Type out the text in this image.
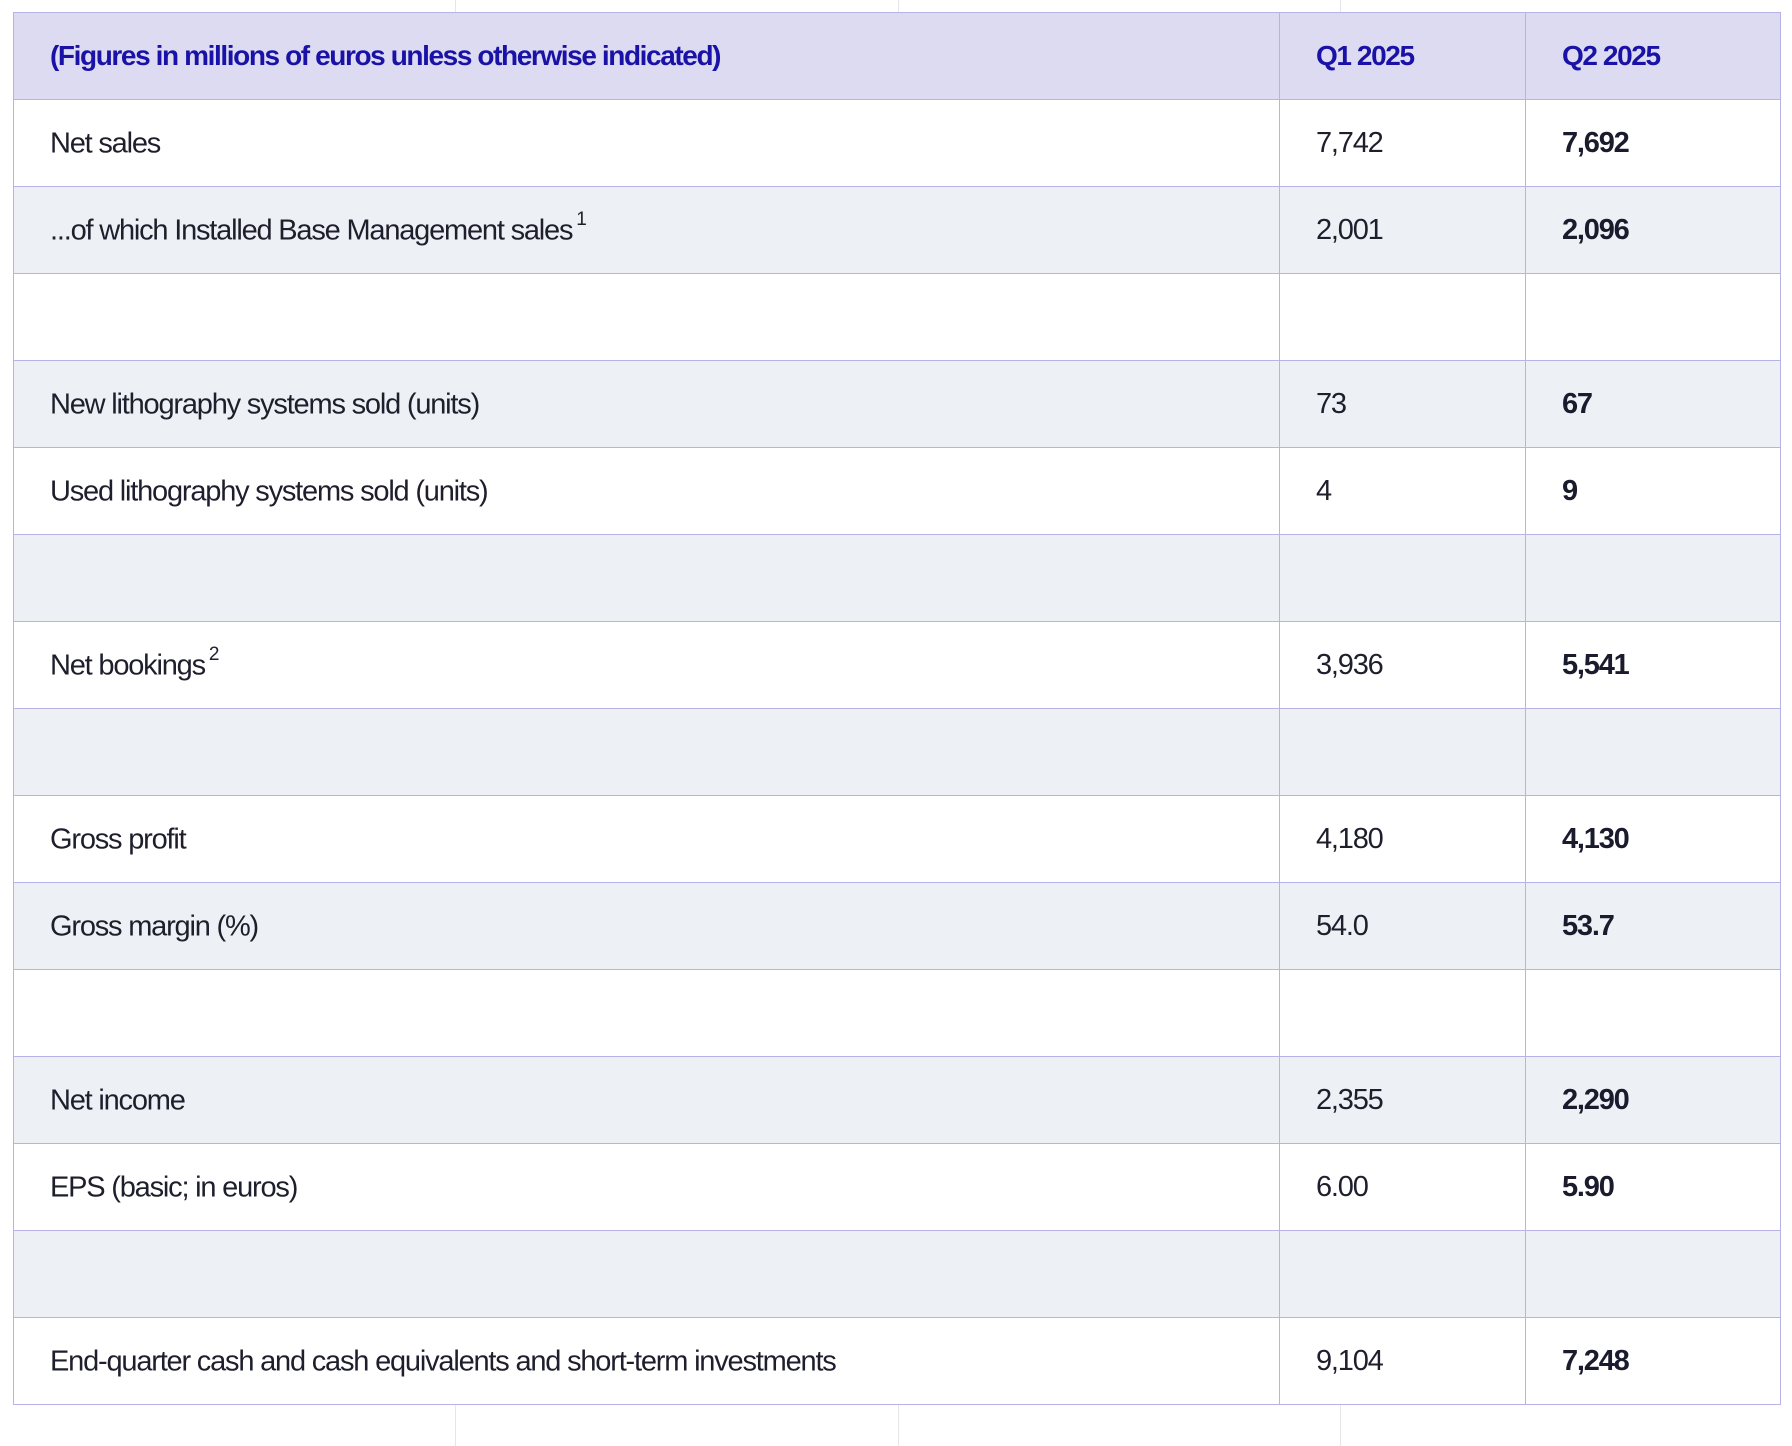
(Figures in millions of euros unless otherwise indicated)	Q1 2025	Q2 2025
Net sales	7,742	7,692
...of which Installed Base Management sales $^1$	2,001	2,096

New lithography systems sold (units)	73	67
Used lithography systems sold (units)	4	9

Net bookings $^2$	3,936	5,541

Gross profit	4,180	4,130
Gross margin (%)	54.0	53.7

Net income	2,355	2,290
EPS (basic; in euros)	6.00	5.90

End-quarter cash and cash equivalents and short-term investments	9,104	7,248
